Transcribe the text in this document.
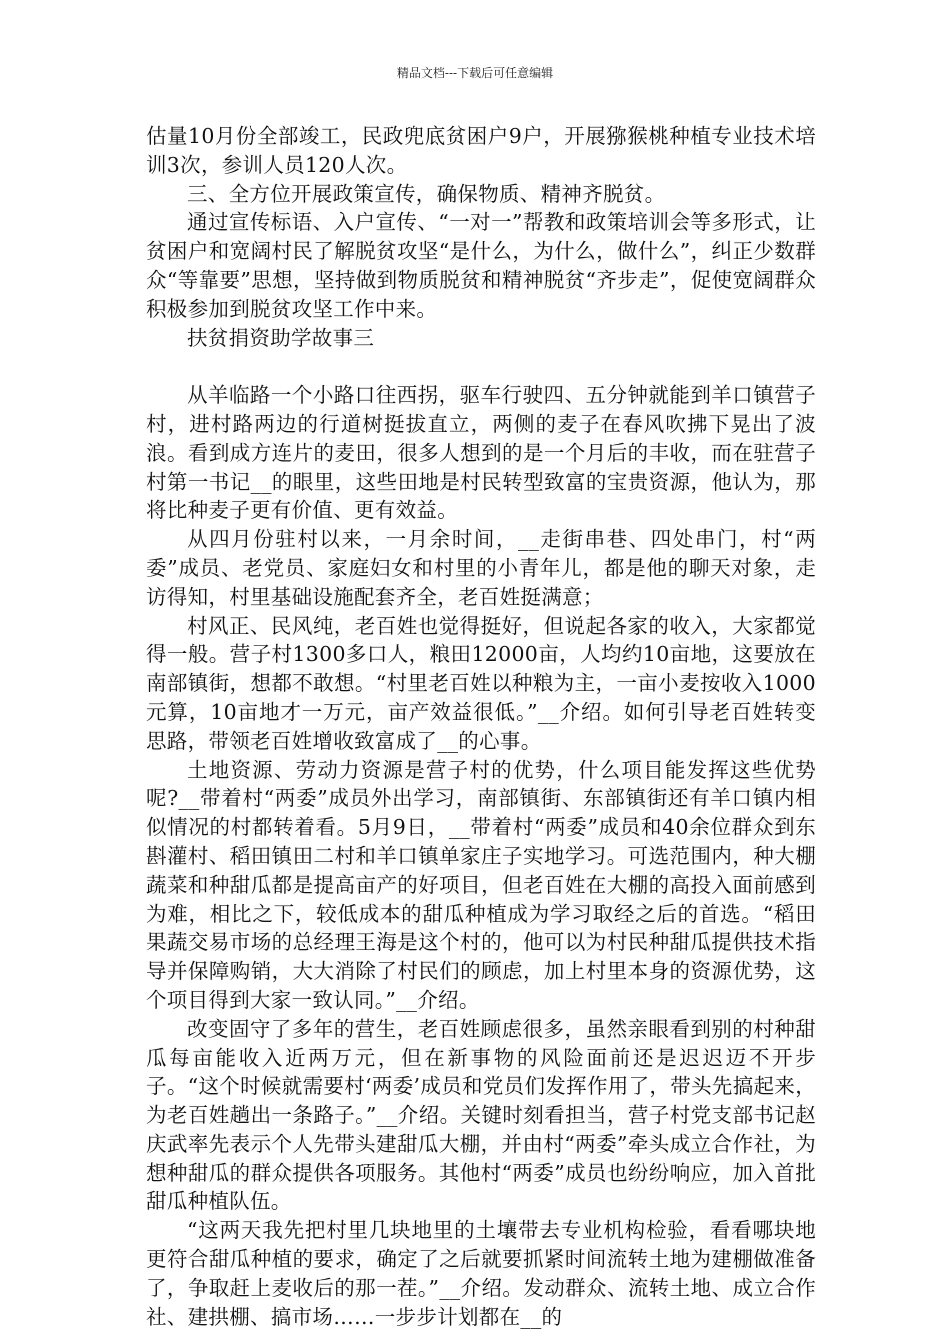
精品文档---下载后可任意编辑

估量10月份全部竣工，民政兜底贫困户9户，开展猕猴桃种植专业技术培训3次，参训人员120人次。

三、全方位开展政策宣传，确保物质、精神齐脱贫。

通过宣传标语、入户宣传、“一对一”帮教和政策培训会等多形式，让贫困户和宽阔村民了解脱贫攻坚“是什么，为什么，做什么”，纠正少数群众“等靠要”思想，坚持做到物质脱贫和精神脱贫“齐步走”，促使宽阔群众积极参加到脱贫攻坚工作中来。

扶贫捐资助学故事三

从羊临路一个小路口往西拐，驱车行驶四、五分钟就能到羊口镇营子村，进村路两边的行道树挺拔直立，两侧的麦子在春风吹拂下晃出了波浪。看到成方连片的麦田，很多人想到的是一个月后的丰收，而在驻营子村第一书记__的眼里，这些田地是村民转型致富的宝贵资源，他认为，那将比种麦子更有价值、更有效益。

从四月份驻村以来，一月余时间，__走街串巷、四处串门，村“两委”成员、老党员、家庭妇女和村里的小青年儿，都是他的聊天对象，走访得知，村里基础设施配套齐全，老百姓挺满意；

村风正、民风纯，老百姓也觉得挺好，但说起各家的收入，大家都觉得一般。营子村1300多口人，粮田12000亩，人均约10亩地，这要放在南部镇街，想都不敢想。“村里老百姓以种粮为主，一亩小麦按收入1000元算，10亩地才一万元，亩产效益很低。”__介绍。如何引导老百姓转变思路，带领老百姓增收致富成了__的心事。

土地资源、劳动力资源是营子村的优势，什么项目能发挥这些优势呢?__带着村“两委”成员外出学习，南部镇街、东部镇街还有羊口镇内相似情况的村都转着看。5月9日，__带着村“两委”成员和40余位群众到东斟灌村、稻田镇田二村和羊口镇单家庄子实地学习。可选范围内，种大棚蔬菜和种甜瓜都是提高亩产的好项目，但老百姓在大棚的高投入面前感到为难，相比之下，较低成本的甜瓜种植成为学习取经之后的首选。“稻田果蔬交易市场的总经理王海是这个村的，他可以为村民种甜瓜提供技术指导并保障购销，大大消除了村民们的顾虑，加上村里本身的资源优势，这个项目得到大家一致认同。”__介绍。

改变固守了多年的营生，老百姓顾虑很多，虽然亲眼看到别的村种甜瓜每亩能收入近两万元，但在新事物的风险面前还是迟迟迈不开步子。“这个时候就需要村‘两委’成员和党员们发挥作用了，带头先搞起来，为老百姓趟出一条路子。”__介绍。关键时刻看担当，营子村党支部书记赵庆武率先表示个人先带头建甜瓜大棚，并由村“两委”牵头成立合作社，为想种甜瓜的群众提供各项服务。其他村“两委”成员也纷纷响应，加入首批甜瓜种植队伍。

“这两天我先把村里几块地里的土壤带去专业机构检验，看看哪块地更符合甜瓜种植的要求，确定了之后就要抓紧时间流转土地为建棚做准备了，争取赶上麦收后的那一茬。”__介绍。发动群众、流转土地、成立合作社、建拱棚、搞市场……一步步计划都在__的
